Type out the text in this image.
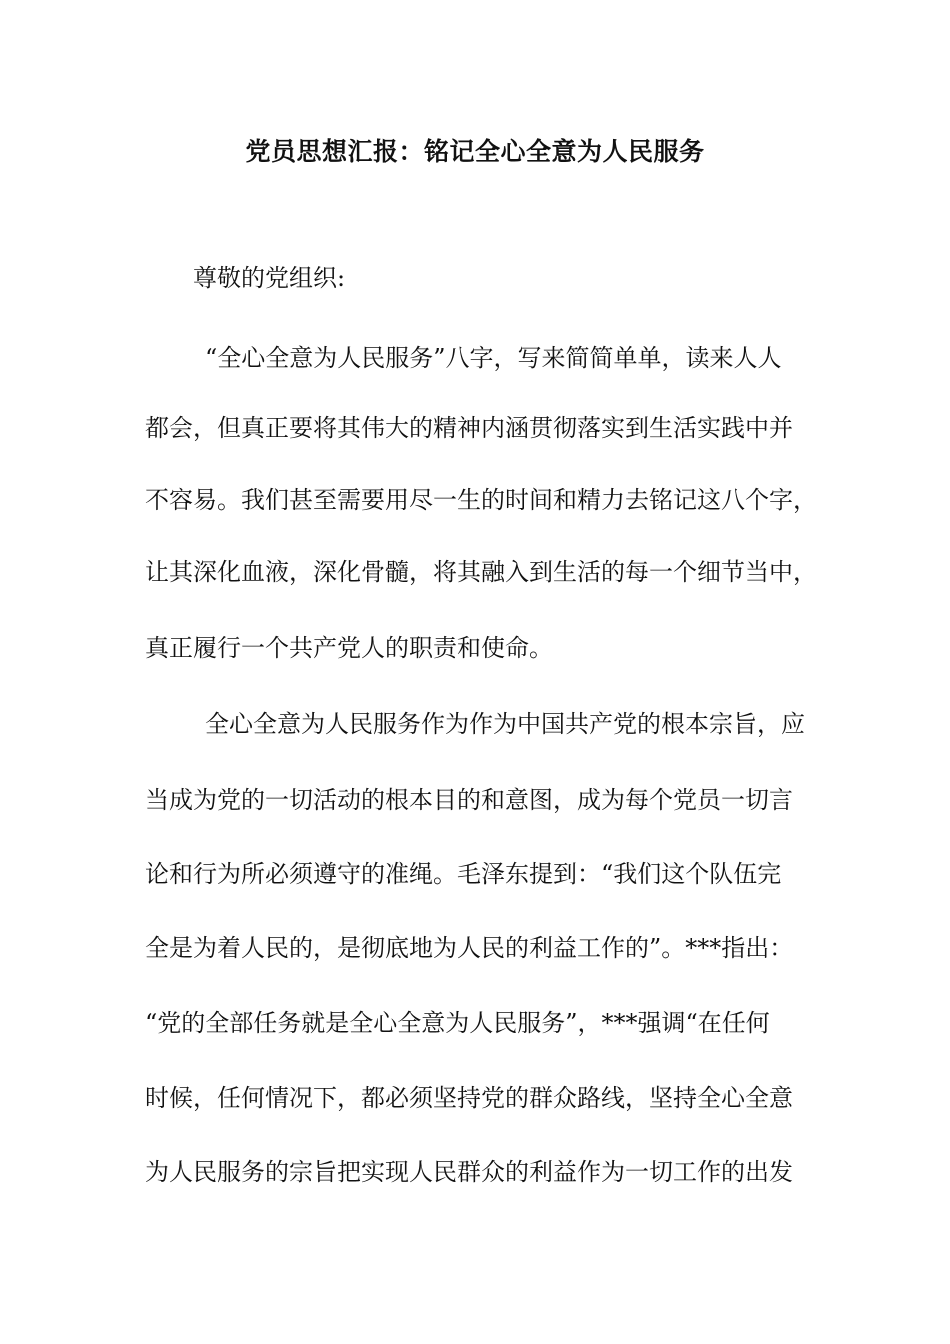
党员思想汇报：铭记全心全意为人民服务
尊敬的党组织:
“全心全意为人民服务”八字，写来简简单单，读来人人
都会，但真正要将其伟大的精神内涵贯彻落实到生活实践中并
不容易。我们甚至需要用尽一生的时间和精力去铭记这八个字，
让其深化血液，深化骨髓，将其融入到生活的每一个细节当中，
真正履行一个共产党人的职责和使命。
全心全意为人民服务作为作为中国共产党的根本宗旨，应
当成为党的一切活动的根本目的和意图，成为每个党员一切言
论和行为所必须遵守的准绳。毛泽东提到：“我们这个队伍完
全是为着人民的，是彻底地为人民的利益工作的”。***指出：
“党的全部任务就是全心全意为人民服务”，***强调“在任何
时候，任何情况下，都必须坚持党的群众路线，坚持全心全意
为人民服务的宗旨把实现人民群众的利益作为一切工作的出发
